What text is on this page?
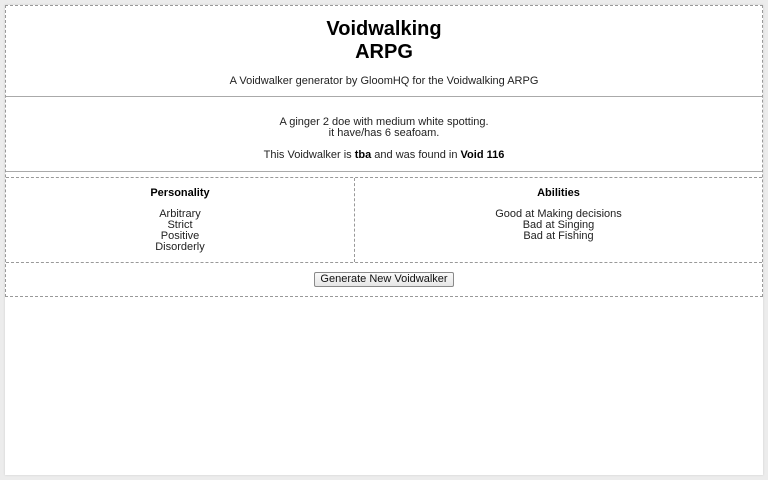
Voidwalking
ARPG
A Voidwalker generator by GloomHQ for the Voidwalking ARPG
A ginger 2 doe with medium white spotting.
it have/has 6 seafoam.
This Voidwalker is tba and was found in Void 116
Personality
Arbitrary
Strict
Positive
Disorderly
Abilities
Good at Making decisions
Bad at Singing
Bad at Fishing
Generate New Voidwalker
